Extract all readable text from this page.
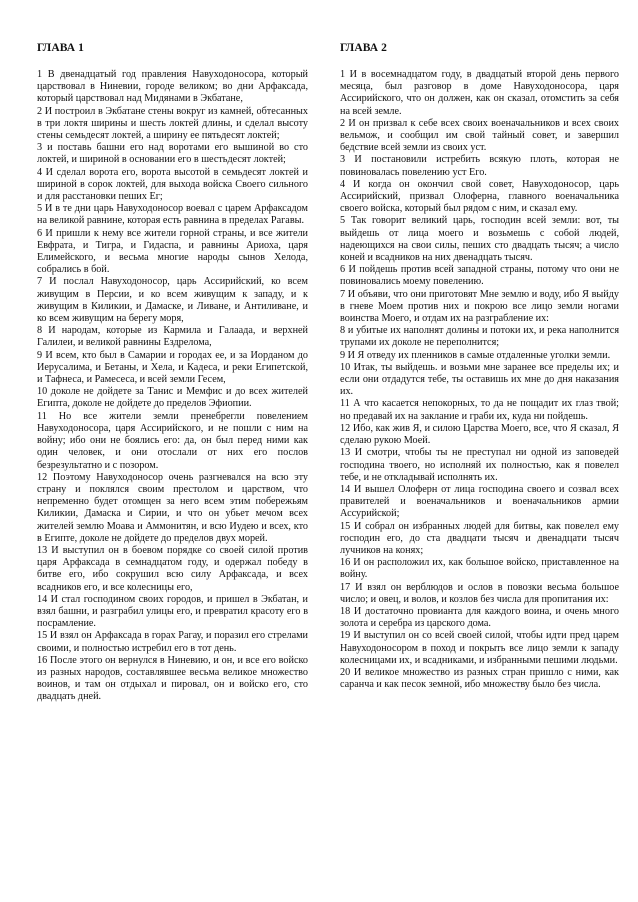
ГЛАВА 1

1 В двенадцатый год правления Навуходоносора, который царствовал в Ниневии, городе великом; во дни Арфаксада, который царствовал над Мидянами в Экбатане,

2 И построил в Экбатане стены вокруг из камней, обтесанных в три локтя ширины и шесть локтей длины, и сделал высоту стены семьдесят локтей, а ширину ее пятьдесят локтей;

3 и поставь башни его над воротами его вышиной во сто локтей, и шириной в основании его в шестьдесят локтей;

4 И сделал ворота его, ворота высотой в семьдесят локтей и шириной в сорок локтей, для выхода войска Своего сильного и для расстановки пеших Ег;

5 И в те дни царь Навуходоносор воевал с царем Арфаксадом на великой равнине, которая есть равнина в пределах Рагавы.

6 И пришли к нему все жители горной страны, и все жители Евфрата, и Тигра, и Гидаспа, и равнины Ариоха, царя Елимейского, и весьма многие народы сынов Хелода, собрались в бой.

7 И послал Навуходоносор, царь Ассирийский, ко всем живущим в Персии, и ко всем живущим к западу, и к живущим в Киликии, и Дамаске, и Ливане, и Антиливане, и ко всем живущим на берегу моря,

8 И народам, которые из Кармила и Галаада, и верхней Галилеи, и великой равнины Ездрелома,

9 И всем, кто был в Самарии и городах ее, и за Иорданом до Иерусалима, и Бетаны, и Хела, и Кадеса, и реки Египетской, и Тафнеса, и Рамесеса, и всей земли Гесем,

10 доколе не дойдете за Танис и Мемфис и до всех жителей Египта, доколе не дойдете до пределов Эфиопии.

11 Но все жители земли пренебрегли повелением Навуходоносора, царя Ассирийского, и не пошли с ним на войну; ибо они не боялись его: да, он был перед ними как один человек, и они отослали от них его послов безрезультатно и с позором.

12 Поэтому Навуходоносор очень разгневался на всю эту страну и поклялся своим престолом и царством, что непременно будет отомщен за него всем этим побережьям Киликии, Дамаска и Сирии, и что он убьет мечом всех жителей землю Моава и Аммонитян, и всю Иудею и всех, кто в Египте, доколе не дойдете до пределов двух морей.

13 И выступил он в боевом порядке со своей силой против царя Арфаксада в семнадцатом году, и одержал победу в битве его, ибо сокрушил всю силу Арфаксада, и всех всадников его, и все колесницы его,

14 И стал господином своих городов, и пришел в Экбатан, и взял башни, и разграбил улицы его, и превратил красоту его в посрамление.

15 И взял он Арфаксада в горах Рагау, и поразил его стрелами своими, и полностью истребил его в тот день.

16 После этого он вернулся в Ниневию, и он, и все его войско из разных народов, составлявшее весьма великое множество воинов, и там он отдыхал и пировал, он и войско его, сто двадцать дней.

ГЛАВА 2

1 И в восемнадцатом году, в двадцатый второй день первого месяца, был разговор в доме Навуходоносора, царя Ассирийского, что он должен, как он сказал, отомстить за себя на всей земле.

2 И он призвал к себе всех своих военачальников и всех своих вельмож, и сообщил им свой тайный совет, и завершил бедствие всей земли из своих уст.

3 И постановили истребить всякую плоть, которая не повиновалась повелению уст Его.

4 И когда он окончил свой совет, Навуходоносор, царь Ассирийский, призвал Олоферна, главного военачальника своего войска, который был рядом с ним, и сказал ему.

5 Так говорит великий царь, господин всей земли: вот, ты выйдешь от лица моего и возьмешь с собой людей, надеющихся на свои силы, пеших сто двадцать тысяч; а число коней и всадников на них двенадцать тысяч.

6 И пойдешь против всей западной страны, потому что они не повиновались моему повелению.

7 И объяви, что они приготовят Мне землю и воду, ибо Я выйду в гневе Моем против них и покрою все лицо земли ногами воинства Моего, и отдам их на разграбление их:

8 и убитые их наполнят долины и потоки их, и река наполнится трупами их доколе не переполнится;

9 И Я отведу их пленников в самые отдаленные уголки земли.

10 Итак, ты выйдешь. и возьми мне заранее все пределы их; и если они отдадутся тебе, ты оставишь их мне до дня наказания их.

11 А что касается непокорных, то да не пощадит их глаз твой; но предавай их на заклание и граби их, куда ни пойдешь.

12 Ибо, как жив Я, и силою Царства Моего, все, что Я сказал, Я сделаю рукою Моей.

13 И смотри, чтобы ты не преступал ни одной из заповедей господина твоего, но исполняй их полностью, как я повелел тебе, и не откладывай исполнять их.

14 И вышел Олоферн от лица господина своего и созвал всех правителей и военачальников и военачальников армии Ассурийской;

15 И собрал он избранных людей для битвы, как повелел ему господин его, до ста двадцати тысяч и двенадцати тысяч лучников на конях;

16 И он расположил их, как большое войско, приставленное на войну.

17 И взял он верблюдов и ослов в повозки весьма большое число; и овец, и волов, и козлов без числа для пропитания их:

18 И достаточно провианта для каждого воина, и очень много золота и серебра из царского дома.

19 И выступил он со всей своей силой, чтобы идти пред царем Навуходоносором в поход и покрыть все лицо земли к западу колесницами их, и всадниками, и избранными пешими людьми.

20 И великое множество из разных стран пришло с ними, как саранча и как песок земной, ибо множеству было без числа.
